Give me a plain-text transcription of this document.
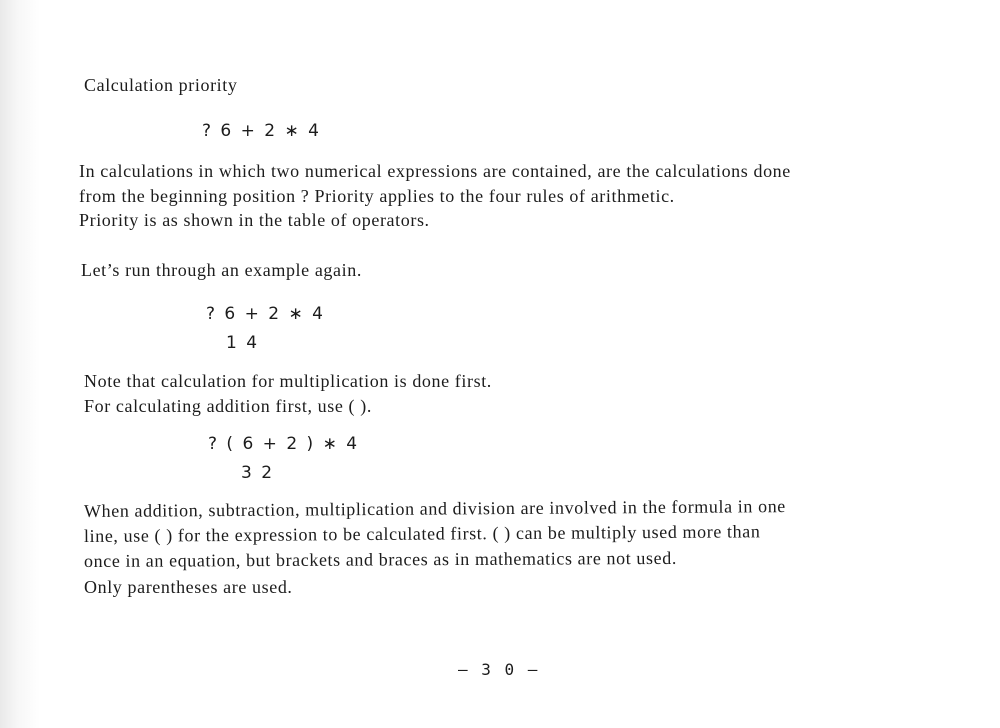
Calculation priority
? 6 + 2 ∗ 4
In calculations in which two numerical expressions are contained, are the calculations done
from the beginning position ? Priority applies to the four rules of arithmetic.
Priority is as shown in the table of operators.
Let’s run through an example again.
? 6 + 2 ∗ 4
1 4
Note that calculation for multiplication is done first.
For calculating addition first, use ( ).
? ( 6 + 2 ) ∗ 4
3 2
When addition, subtraction, multiplication and division are involved in the formula in one
line, use ( ) for the expression to be calculated first. ( ) can be multiply used more than
once in an equation, but brackets and braces as in mathematics are not used.
Only parentheses are used.
– 3 0 –
